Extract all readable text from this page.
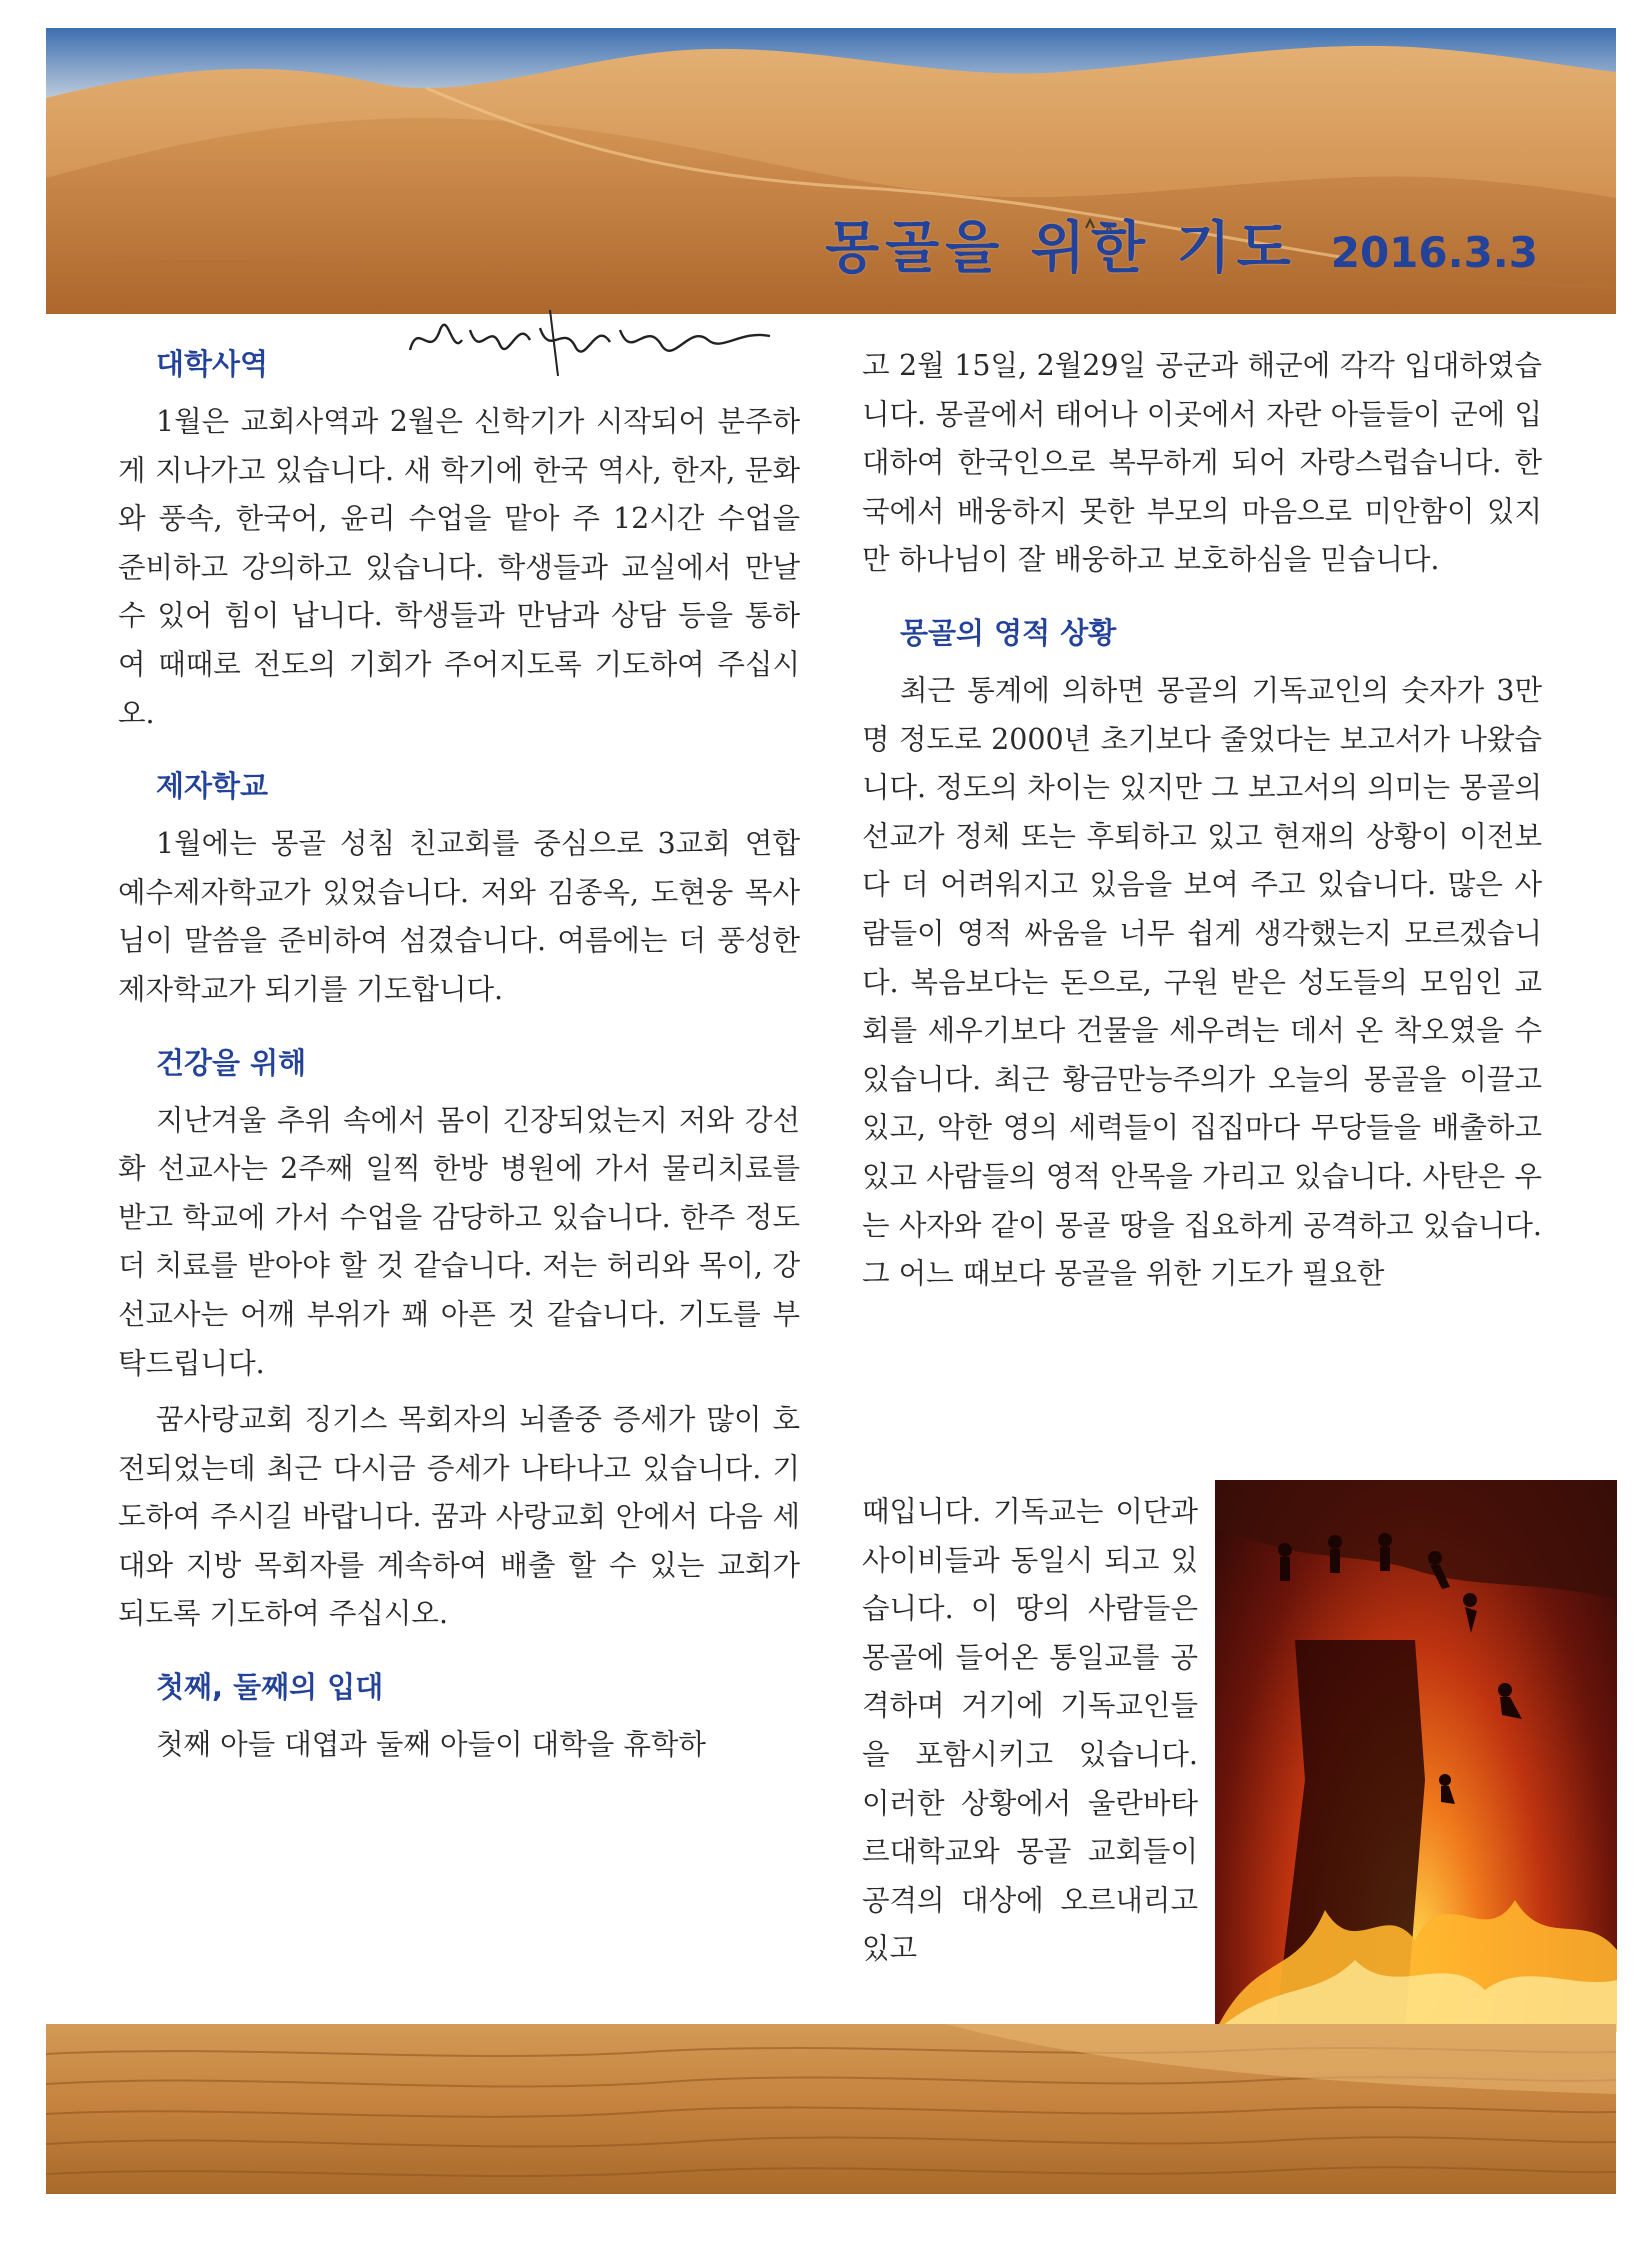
몽골을 위한 기도 2016.3.3
대학사역

1월은 교회사역과 2월은 신학기가 시작되어 분주하게 지나가고 있습니다. 새 학기에 한국 역사, 한자, 문화와 풍속, 한국어, 윤리 수업을 맡아 주 12시간 수업을 준비하고 강의하고 있습니다. 학생들과 교실에서 만날 수 있어 힘이 납니다. 학생들과 만남과 상담 등을 통하여 때때로 전도의 기회가 주어지도록 기도하여 주십시오.

제자학교

1월에는 몽골 성침 친교회를 중심으로 3교회 연합 예수제자학교가 있었습니다. 저와 김종옥, 도현웅 목사님이 말씀을 준비하여 섬겼습니다. 여름에는 더 풍성한 제자학교가 되기를 기도합니다.

건강을 위해

지난겨울 추위 속에서 몸이 긴장되었는지 저와 강선화 선교사는 2주째 일찍 한방 병원에 가서 물리치료를 받고 학교에 가서 수업을 감당하고 있습니다. 한주 정도 더 치료를 받아야 할 것 같습니다. 저는 허리와 목이, 강선교사는 어깨 부위가 꽤 아픈 것 같습니다. 기도를 부탁드립니다.

꿈사랑교회 징기스 목회자의 뇌졸중 증세가 많이 호전되었는데 최근 다시금 증세가 나타나고 있습니다. 기도하여 주시길 바랍니다. 꿈과 사랑교회 안에서 다음 세대와 지방 목회자를 계속하여 배출 할 수 있는 교회가 되도록 기도하여 주십시오.

첫째, 둘째의 입대

첫째 아들 대엽과 둘째 아들이 대학을 휴학하

고 2월 15일, 2월29일 공군과 해군에 각각 입대하였습니다. 몽골에서 태어나 이곳에서 자란 아들들이 군에 입대하여 한국인으로 복무하게 되어 자랑스럽습니다. 한국에서 배웅하지 못한 부모의 마음으로 미안함이 있지만 하나님이 잘 배웅하고 보호하심을 믿습니다.

몽골의 영적 상황

최근 통계에 의하면 몽골의 기독교인의 숫자가 3만 명 정도로 2000년 초기보다 줄었다는 보고서가 나왔습니다. 정도의 차이는 있지만 그 보고서의 의미는 몽골의 선교가 정체 또는 후퇴하고 있고 현재의 상황이 이전보다 더 어려워지고 있음을 보여 주고 있습니다. 많은 사람들이 영적 싸움을 너무 쉽게 생각했는지 모르겠습니다. 복음보다는 돈으로, 구원 받은 성도들의 모임인 교회를 세우기보다 건물을 세우려는 데서 온 착오였을 수 있습니다. 최근 황금만능주의가 오늘의 몽골을 이끌고 있고, 악한 영의 세력들이 집집마다 무당들을 배출하고 있고 사람들의 영적 안목을 가리고 있습니다. 사탄은 우는 사자와 같이 몽골 땅을 집요하게 공격하고 있습니다. 그 어느 때보다 몽골을 위한 기도가 필요한

때입니다. 기독교는 이단과 사이비들과 동일시 되고 있습니다. 이 땅의 사람들은 몽골에 들어온 통일교를 공격하며 거기에 기독교인들을 포함시키고 있습니다. 이러한 상황에서 울란바타르대학교와 몽골 교회들이 공격의 대상에 오르내리고 있고
